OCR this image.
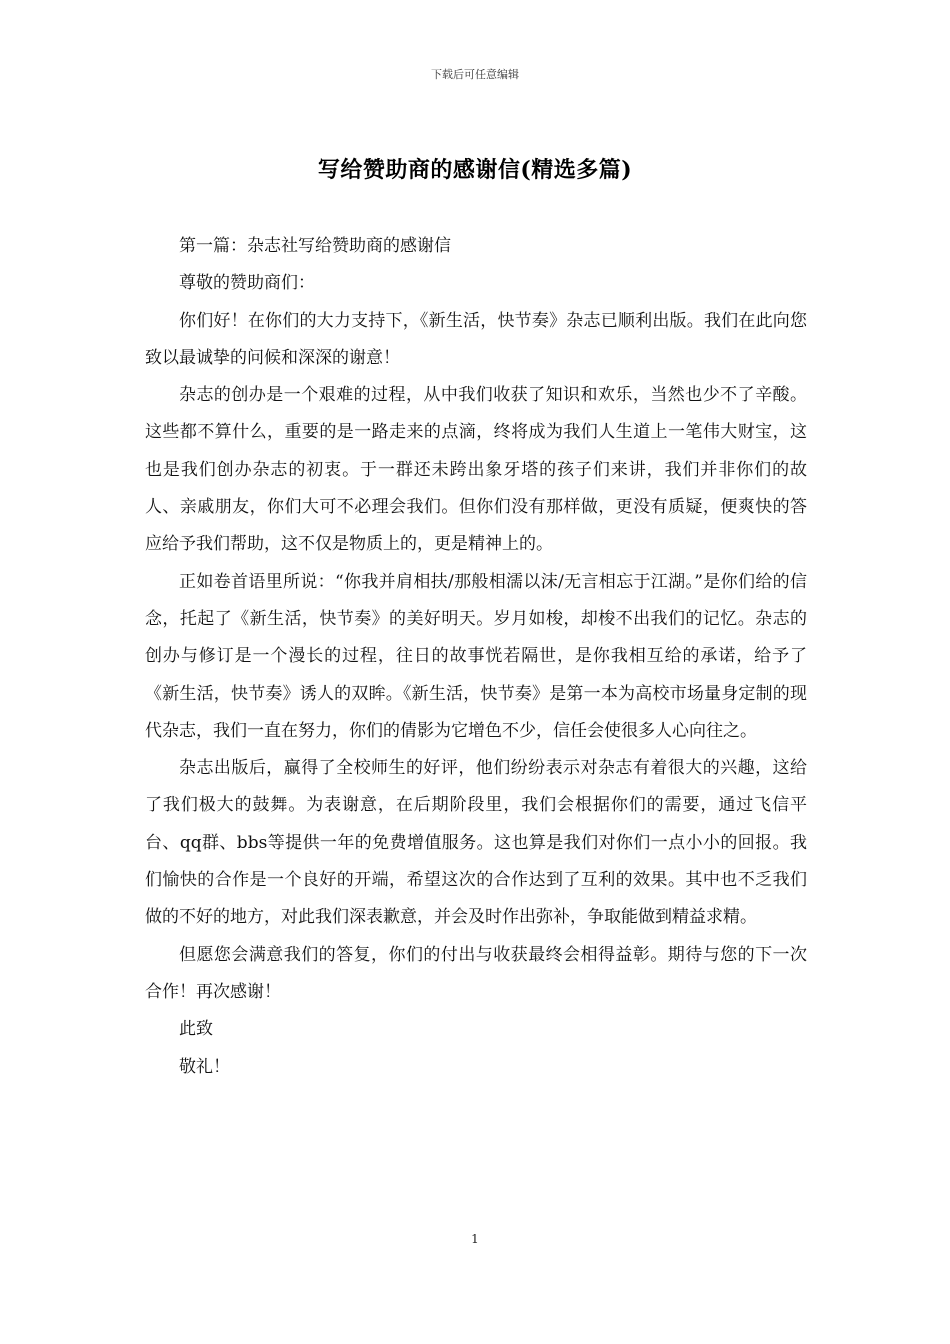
下载后可任意编辑
写给赞助商的感谢信(精选多篇)

第一篇：杂志社写给赞助商的感谢信

尊敬的赞助商们：

你们好！在你们的大力支持下，《新生活，快节奏》杂志已顺利出版。我们在此向您致以最诚挚的问候和深深的谢意！

杂志的创办是一个艰难的过程，从中我们收获了知识和欢乐，当然也少不了辛酸。这些都不算什么，重要的是一路走来的点滴，终将成为我们人生道上一笔伟大财宝，这也是我们创办杂志的初衷。于一群还未跨出象牙塔的孩子们来讲，我们并非你们的故人、亲戚朋友，你们大可不必理会我们。但你们没有那样做，更没有质疑，便爽快的答应给予我们帮助，这不仅是物质上的，更是精神上的。

正如卷首语里所说：“你我并肩相扶/那般相濡以沫/无言相忘于江湖。”是你们给的信念，托起了《新生活，快节奏》的美好明天。岁月如梭，却梭不出我们的记忆。杂志的创办与修订是一个漫长的过程，往日的故事恍若隔世，是你我相互给的承诺，给予了《新生活，快节奏》诱人的双眸。《新生活，快节奏》是第一本为高校市场量身定制的现代杂志，我们一直在努力，你们的倩影为它增色不少，信任会使很多人心向往之。

杂志出版后，赢得了全校师生的好评，他们纷纷表示对杂志有着很大的兴趣，这给了我们极大的鼓舞。为表谢意，在后期阶段里，我们会根据你们的需要，通过飞信平台、qq群、bbs等提供一年的免费增值服务。这也算是我们对你们一点小小的回报。我们愉快的合作是一个良好的开端，希望这次的合作达到了互利的效果。其中也不乏我们做的不好的地方，对此我们深表歉意，并会及时作出弥补，争取能做到精益求精。

但愿您会满意我们的答复，你们的付出与收获最终会相得益彰。期待与您的下一次合作！再次感谢！

此致

敬礼！

1
